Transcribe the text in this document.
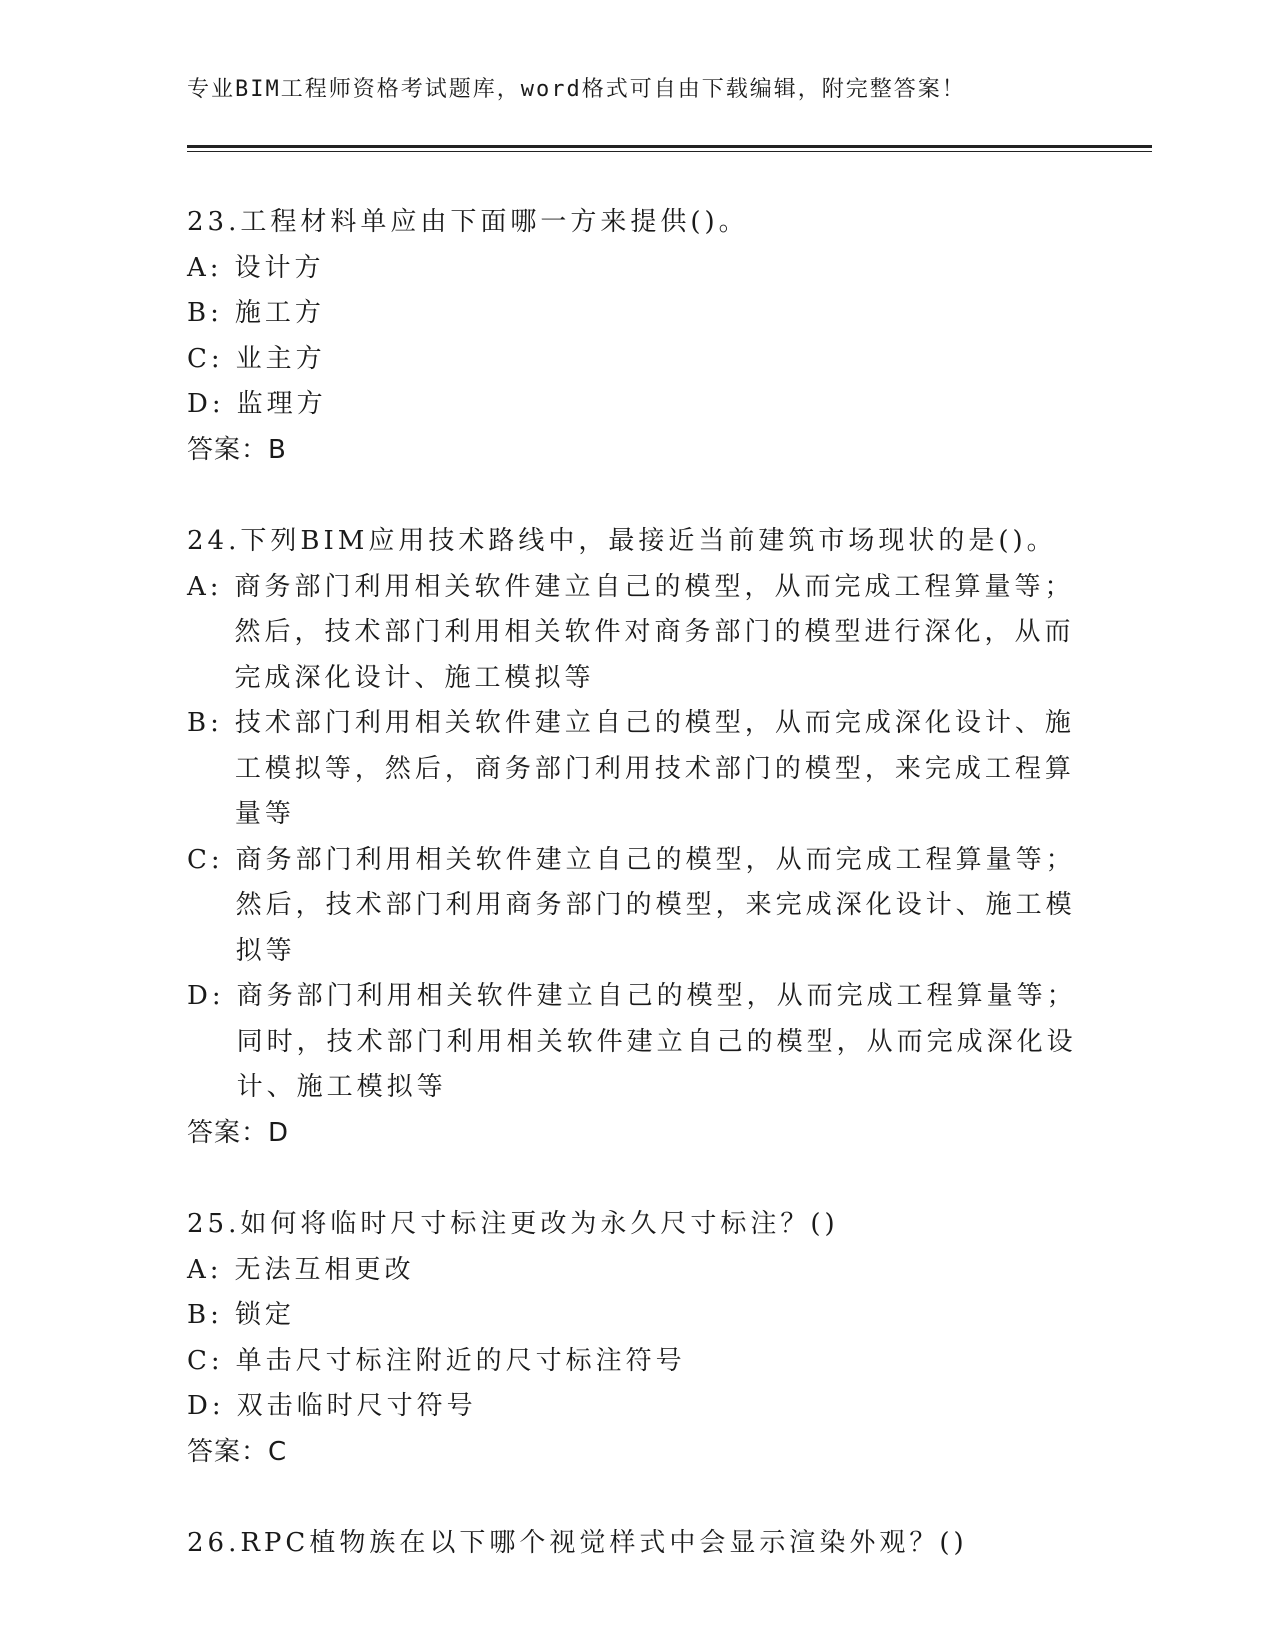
专业BIM工程师资格考试题库，word格式可自由下载编辑，附完整答案！

23.工程材料单应由下面哪一方来提供()。

A: 设计方
B: 施工方
C: 业主方
D: 监理方

答案：B

24.下列BIM应用技术路线中，最接近当前建筑市场现状的是()。

A: 商务部门利用相关软件建立自己的模型，从而完成工程算量等；然后，技术部门利用相关软件对商务部门的模型进行深化，从而完成深化设计、施工模拟等
B: 技术部门利用相关软件建立自己的模型，从而完成深化设计、施工模拟等，然后，商务部门利用技术部门的模型，来完成工程算量等
C: 商务部门利用相关软件建立自己的模型，从而完成工程算量等；然后，技术部门利用商务部门的模型，来完成深化设计、施工模拟等
D: 商务部门利用相关软件建立自己的模型，从而完成工程算量等；同时，技术部门利用相关软件建立自己的模型，从而完成深化设计、施工模拟等

答案：D

25.如何将临时尺寸标注更改为永久尺寸标注？()

A: 无法互相更改
B: 锁定
C: 单击尺寸标注附近的尺寸标注符号
D: 双击临时尺寸符号

答案：C

26.RPC植物族在以下哪个视觉样式中会显示渲染外观？()
